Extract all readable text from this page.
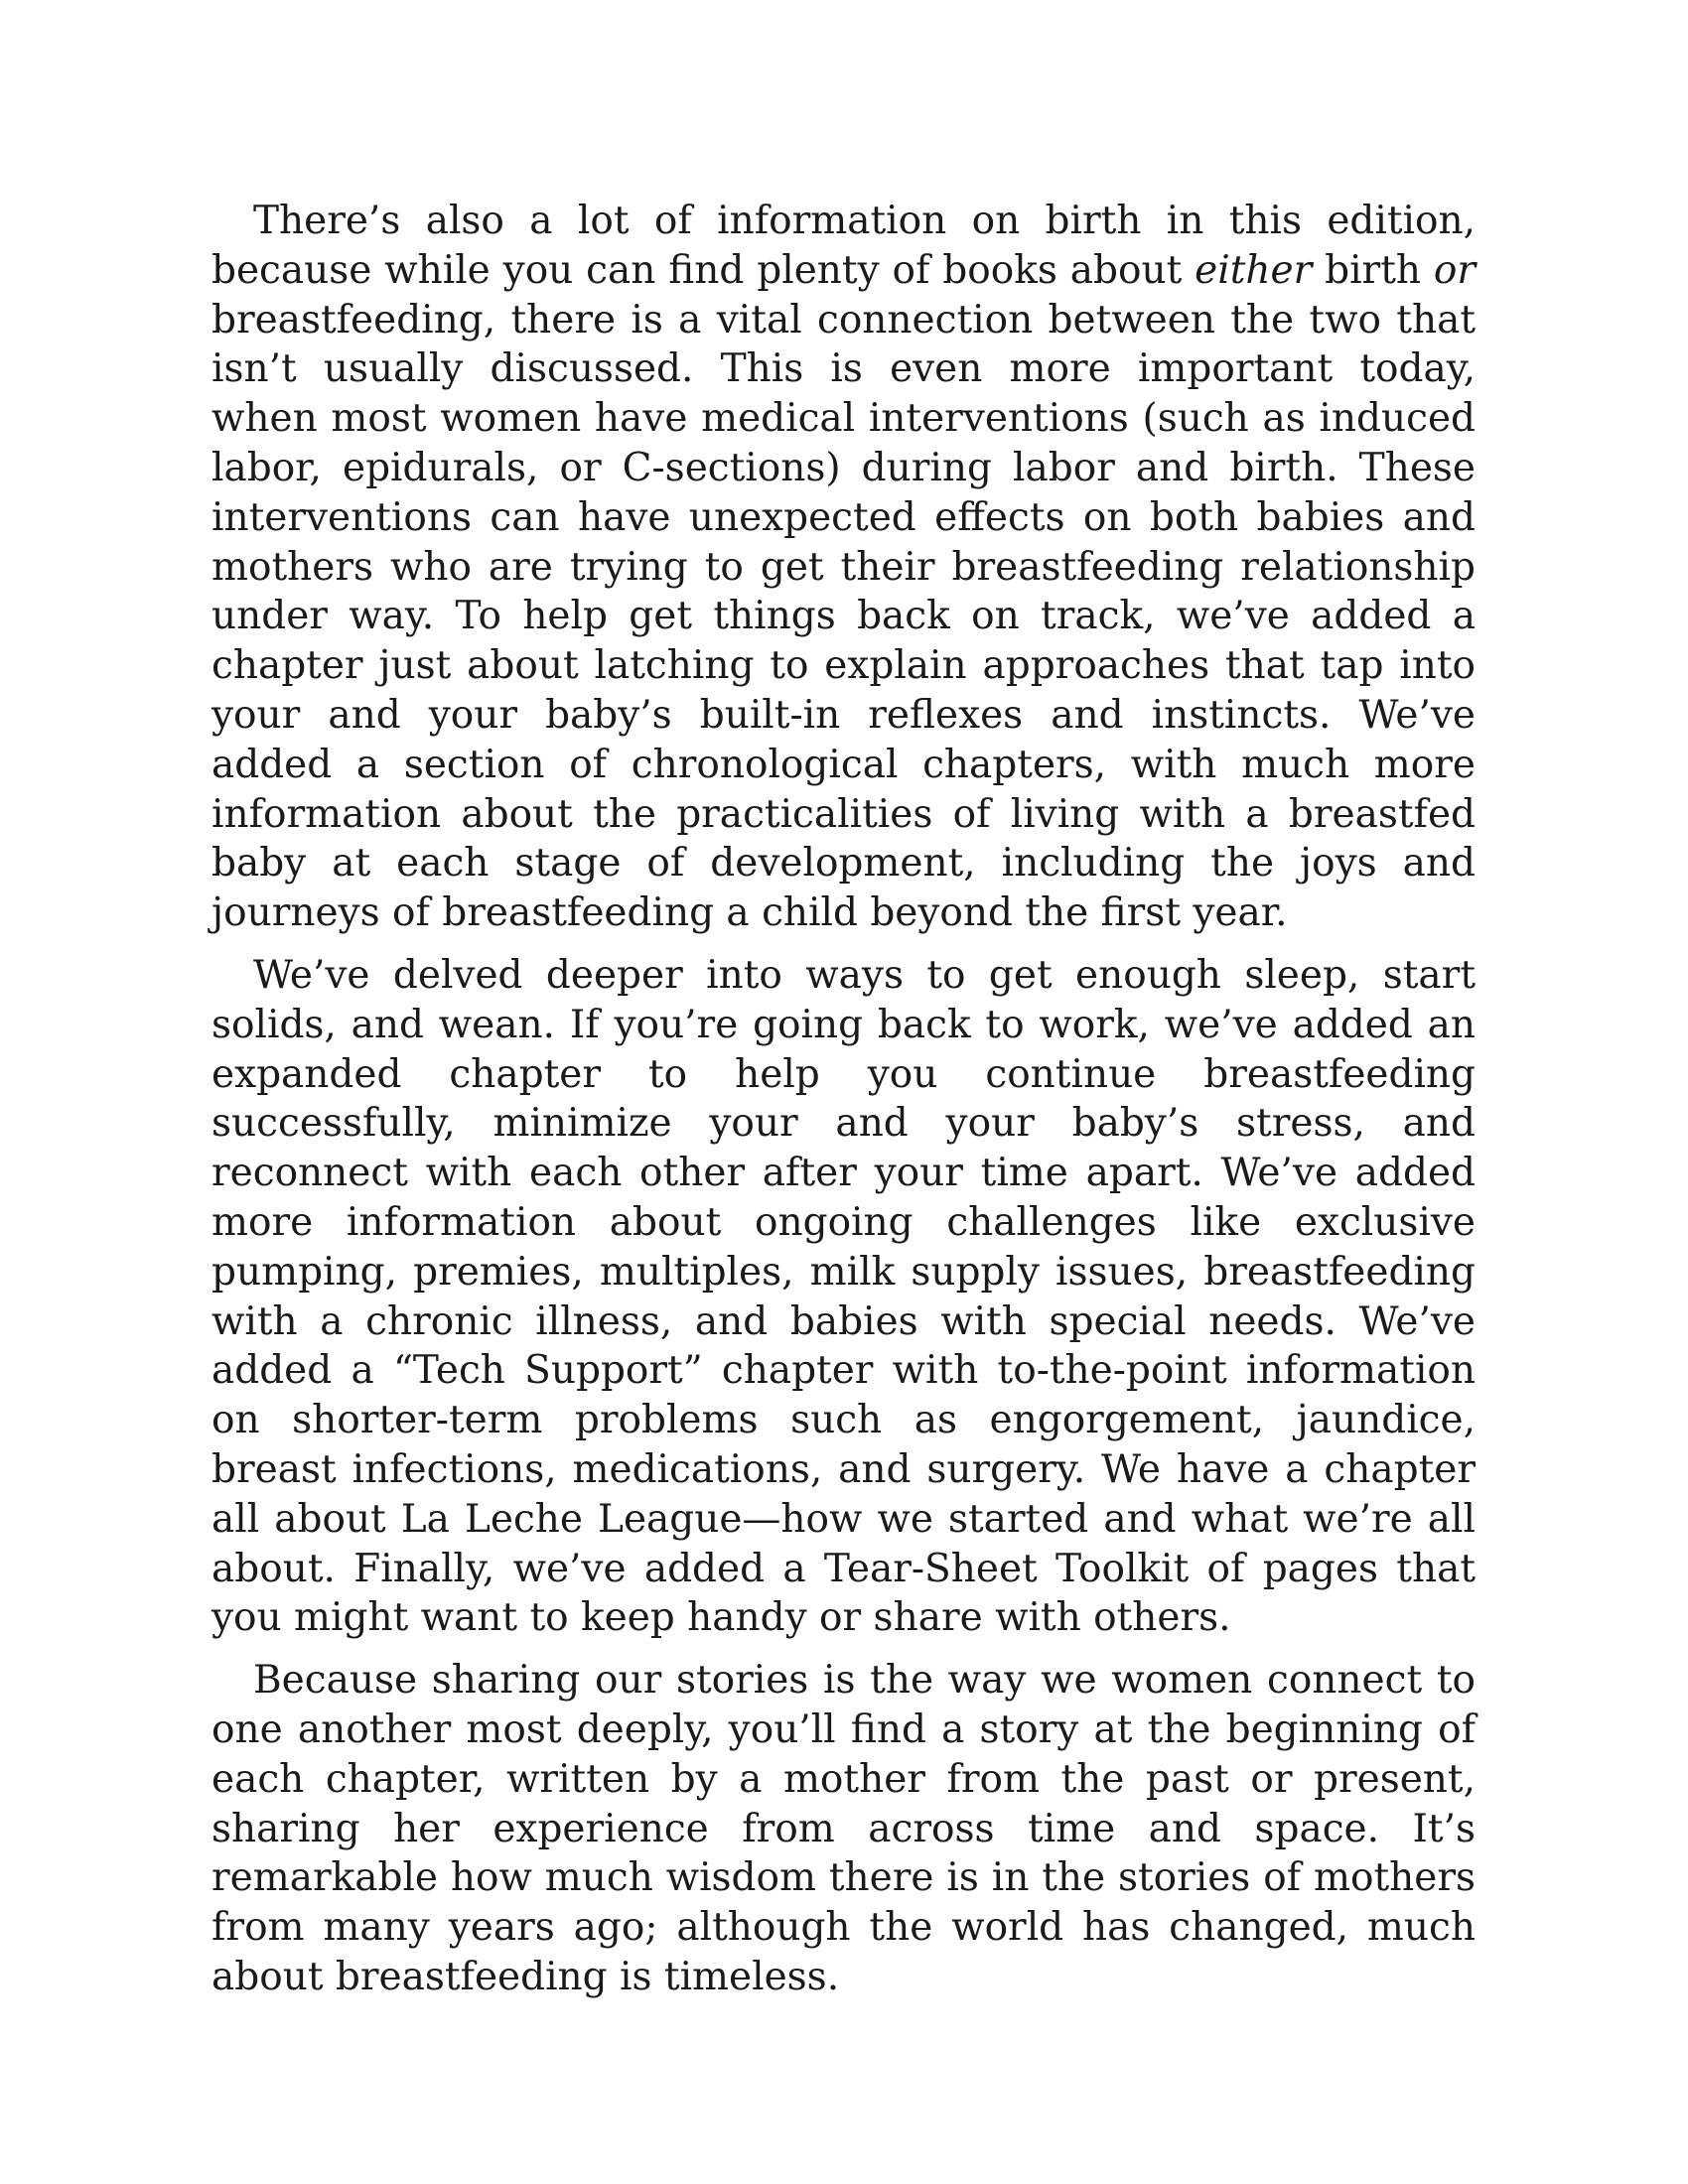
There’s also a lot of information on birth in this edition, because while you can find plenty of books about either birth or breastfeeding, there is a vital connection between the two that isn’t usually discussed. This is even more important today, when most women have medical interventions (such as induced labor, epidurals, or C-sections) during labor and birth. These interventions can have unexpected effects on both babies and mothers who are trying to get their breastfeeding relationship under way. To help get things back on track, we’ve added a chapter just about latching to explain approaches that tap into your and your baby’s built-in reflexes and instincts. We’ve added a section of chronological chapters, with much more information about the practicalities of living with a breastfed baby at each stage of development, including the joys and journeys of breastfeeding a child beyond the first year.

We’ve delved deeper into ways to get enough sleep, start solids, and wean. If you’re going back to work, we’ve added an expanded chapter to help you continue breastfeeding successfully, minimize your and your baby’s stress, and reconnect with each other after your time apart. We’ve added more information about ongoing challenges like exclusive pumping, premies, multiples, milk supply issues, breastfeeding with a chronic illness, and babies with special needs. We’ve added a “Tech Support” chapter with to-the-point information on shorter-term problems such as engorgement, jaundice, breast infections, medications, and surgery. We have a chapter all about La Leche League—how we started and what we’re all about. Finally, we’ve added a Tear-Sheet Toolkit of pages that you might want to keep handy or share with others.

Because sharing our stories is the way we women connect to one another most deeply, you’ll find a story at the beginning of each chapter, written by a mother from the past or present, sharing her experience from across time and space. It’s remarkable how much wisdom there is in the stories of mothers from many years ago; although the world has changed, much about breastfeeding is timeless.
